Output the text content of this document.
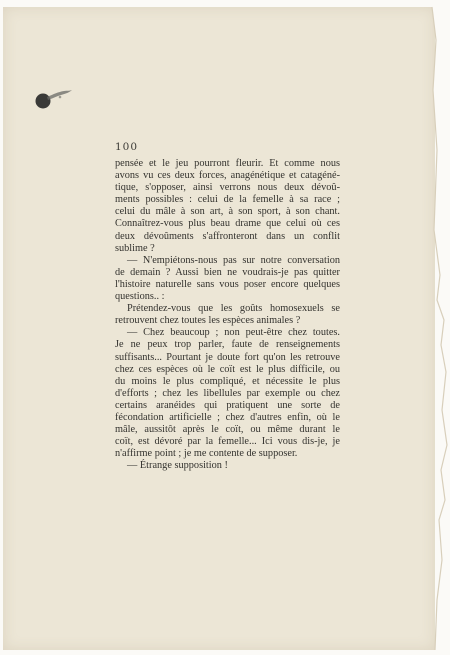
100

pensée et le jeu pourront fleurir. Et comme nous
avons vu ces deux forces, anagénétique et catagéné-
tique, s'opposer, ainsi verrons nous deux dévoû-
ments possibles : celui de la femelle à sa race ;
celui du mâle à son art, à son sport, à son chant.
Connaîtrez-vous plus beau drame que celui où ces
deux dévoûments s'affronteront dans un conflit
sublime ?
— N'empiétons-nous pas sur notre conversation
de demain ? Aussi bien ne voudrais-je pas quitter
l'histoire naturelle sans vous poser encore quelques
questions.. :
Prétendez-vous que les goûts homosexuels se
retrouvent chez toutes les espèces animales ?
— Chez beaucoup ; non peut-être chez toutes.
Je ne peux trop parler, faute de renseignements
suffisants... Pourtant je doute fort qu'on les retrouve
chez ces espèces où le coït est le plus difficile, ou
du moins le plus compliqué, et nécessite le plus
d'efforts ; chez les libellules par exemple ou chez
certains aranéides qui pratiquent une sorte de
fécondation artificielle ; chez d'autres enfin, où le
mâle, aussitôt après le coït, ou même durant le
coït, est dévoré par la femelle... Ici vous dis-je, je
n'affirme point ; je me contente de supposer.
— Étrange supposition !
